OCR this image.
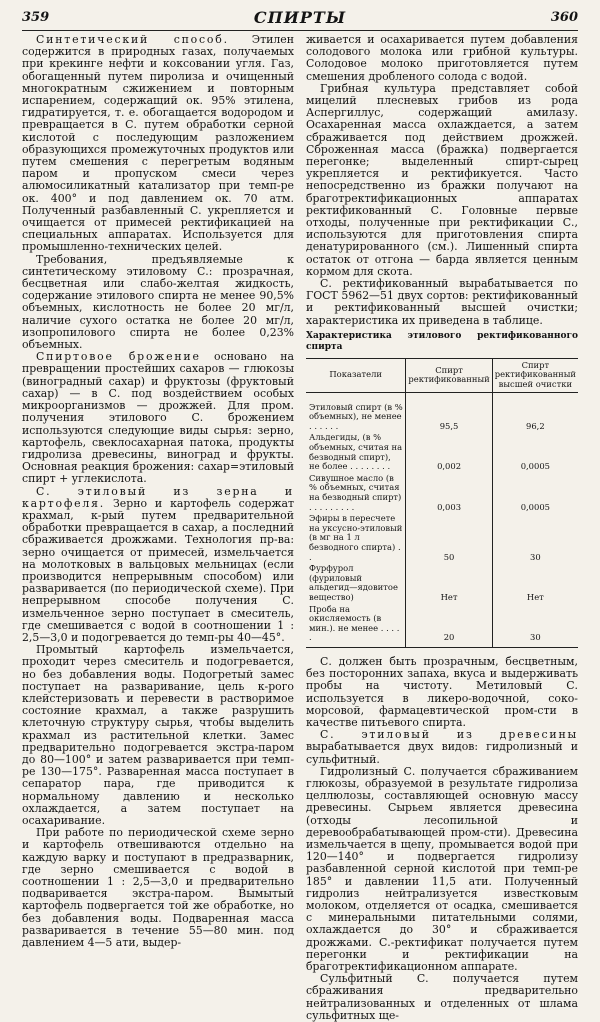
359	СПИРТЫ	360

Синтетический способ. Этилен содержится в природных газах, получаемых при крекинге нефти и коксовании угля. Газ, обогащенный путем пиролиза и очищенный многократным сжижением и повторным испарением, содержащий ок. 95% этилена, гидратируется, т. е. обогащается водородом и превращается в С. путем обработки серной кислотой с последующим разложением образующихся промежуточных продуктов или путем смешения с перегретым водяным паром и пропуском смеси через алюмосиликатный катализатор при темп-ре ок. 400° и под давлением ок. 70 атм. Полученный разбавленный С. укрепляется и очищается от примесей ректификацией на специальных аппаратах. Используется для промышленно-технических целей.

Требования, предъявляемые к синтетическому этиловому С.: прозрачная, бесцветная или слабо-желтая жидкость, содержание этилового спирта не менее 90,5% объемных, кислотность не более 20 мг/л, наличие сухого остатка не более 20 мг/л, изопропилового спирта не более 0,23% объемных.

Спиртовое брожение основано на превращении простейших сахаров — глюкозы (виноградный сахар) и фруктозы (фруктовый сахар) — в С. под воздействием особых микроорганизмов — дрожжей. Для пром. получения этилового С. брожением используются следующие виды сырья: зерно, картофель, свеклосахарная патока, продукты гидролиза древесины, виноград и фрукты. Основная реакция брожения: сахар=этиловый спирт + углекислота.

С. этиловый из зерна и картофеля. Зерно и картофель содержат крахмал, к-рый путем предварительной обработки превращается в сахар, а последний сбраживается дрожжами. Технология пр-ва: зерно очищается от примесей, измельчается на молотковых в вальцовых мельницах (если производится непрерывным способом) или разваривается (по периодической схеме). При непрерывном способе получения С. измельченное зерно поступает в смеситель, где смешивается с водой в соотношении 1 : 2,5—3,0 и подогревается до темп-ры 40—45°.

Промытый картофель измельчается, проходит через смеситель и подогревается, но без добавления воды. Подогретый замес поступает на разваривание, цель к-рого клейстеризовать и перевести в растворимое состояние крахмал, а также разрушить клеточную структуру сырья, чтобы выделить крахмал из растительной клетки. Замес предварительно подогревается экстра-паром до 80—100° и затем разваривается при темп-ре 130—175°. Разваренная масса поступает в сепаратор пара, где приводится к нормальному давлению и несколько охлаждается, а затем поступает на осахаривание.

При работе по периодической схеме зерно и картофель отвешиваются отдельно на каждую варку и поступают в предразварник, где зерно смешивается с водой в соотношении 1 : 2,5—3,0 и предварительно подваривается экстра-паром. Вымытый картофель подвергается той же обработке, но без добавления воды. Подваренная масса разваривается в течение 55—80 мин. под давлением 4—5 ати, выдер-

живается и осахаривается путем добавления солодового молока или грибной культуры. Солодовое молоко приготовляется путем смешения дробленого солода с водой.

Грибная культура представляет собой мицелий плесневых грибов из рода Аспергиллус, содержащий амилазу. Осахаренная масса охлаждается, а затем сбраживается под действием дрожжей. Сброженная масса (бражка) подвергается перегонке; выделенный спирт-сырец укрепляется и ректификуется. Часто непосредственно из бражки получают на браготректификационных аппаратах ректификованный С. Головные первые отходы, полученные при ректификации С., используются для приготовления спирта денатурированного (см.). Лишенный спирта остаток от отгона — барда является ценным кормом для скота.

С. ректификованный вырабатывается по ГОСТ 5962—51 двух сортов: ректификованный и ректификованный высшей очистки; характеристика их приведена в таблице.

Характеристика этилового ректификованного спирта
Показатели	Спирт ректификованный	Спирт ректификованный высшей очистки
Этиловый спирт (в % объемных), не менее . . . . . .	95,5	96,2
Альдегиды, (в % объемных, считая на безводный спирт), не более . . . . . . . .	0,002	0,0005
Сивушное масло (в % объемных, считая на безводный спирт) . . . . . . . . .	0,003	0,0005
Эфиры в пересчете на уксусно-этиловый (в мг на 1 л безводного спирта) . .	50	30
Фурфурол (фуриловый альдегид—ядовитое вещество)	Нет	Нет
Проба на окисляемость (в мин.). не менее . . . . .	20	30

С. должен быть прозрачным, бесцветным, без посторонних запаха, вкуса и выдерживать пробы на чистоту. Метиловый С. используется в ликеро-водочной, соко-морсовой, фармацевтической пром-сти в качестве питьевого спирта.

С. этиловый из древесины вырабатывается двух видов: гидролизный и сульфитный.

Гидролизный С. получается сбраживанием глюкозы, образуемой в результате гидролиза целлюлозы, составляющей основную массу древесины. Сырьем является древесина (отходы лесопильной и деревообрабатывающей пром-сти). Древесина измельчается в щепу, промывается водой при 120—140° и подвергается гидролизу разбавленной серной кислотой при темп-ре 185° и давлении 11,5 ати. Полученный гидролиз нейтрализуется известковым молоком, отделяется от осадка, смешивается с минеральными питательными солями, охлаждается до 30° и сбраживается дрожжами. С.-ректификат получается путем перегонки и ректификации на браготректификационном аппарате.

Сульфитный С. получается путем сбраживания предварительно нейтрализованных и отделенных от шлама сульфитных ще-
